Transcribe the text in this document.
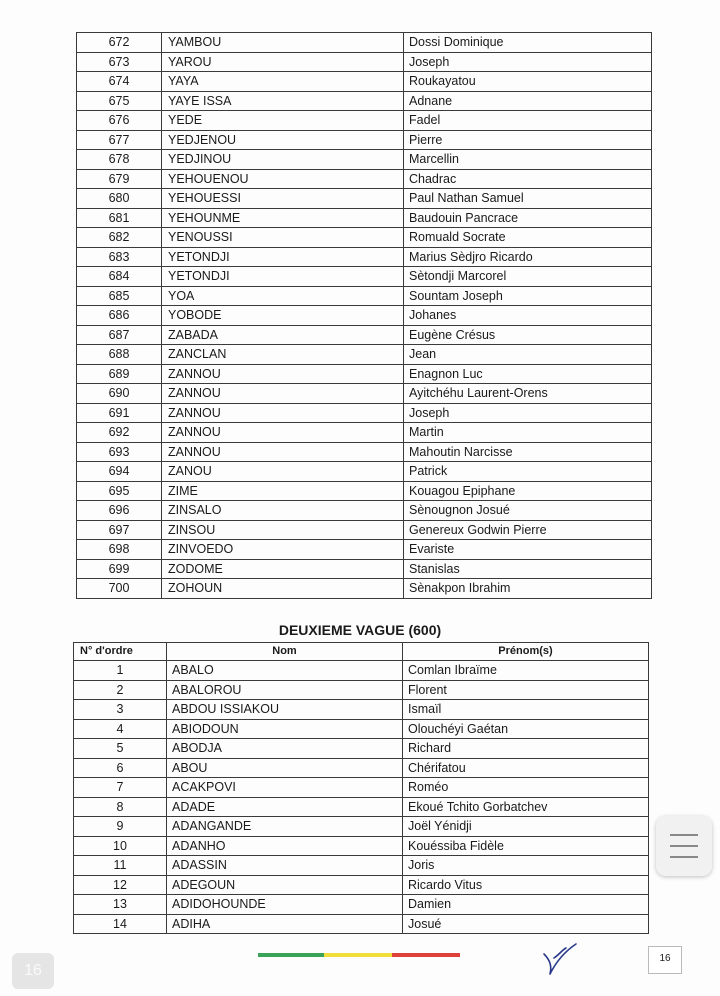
672	YAMBOU	Dossi Dominique
673	YAROU	Joseph
674	YAYA	Roukayatou
675	YAYE ISSA	Adnane
676	YEDE	Fadel
677	YEDJENOU	Pierre
678	YEDJINOU	Marcellin
679	YEHOUENOU	Chadrac
680	YEHOUESSI	Paul Nathan Samuel
681	YEHOUNME	Baudouin Pancrace
682	YENOUSSI	Romuald Socrate
683	YETONDJI	Marius Sèdjro Ricardo
684	YETONDJI	Sètondji Marcorel
685	YOA	Sountam Joseph
686	YOBODE	Johanes
687	ZABADA	Eugène Crésus
688	ZANCLAN	Jean
689	ZANNOU	Enagnon Luc
690	ZANNOU	Ayitchéhu Laurent-Orens
691	ZANNOU	Joseph
692	ZANNOU	Martin
693	ZANNOU	Mahoutin Narcisse
694	ZANOU	Patrick
695	ZIME	Kouagou Epiphane
696	ZINSALO	Sènougnon Josué
697	ZINSOU	Genereux Godwin Pierre
698	ZINVOEDO	Evariste
699	ZODOME	Stanislas
700	ZOHOUN	Sènakpon Ibrahim
DEUXIEME VAGUE (600)
N° d'ordre	Nom	Prénom(s)
1	ABALO	Comlan Ibraïme
2	ABALOROU	Florent
3	ABDOU ISSIAKOU	Ismaïl
4	ABIODOUN	Olouchéyi Gaétan
5	ABODJA	Richard
6	ABOU	Chérifatou
7	ACAKPOVI	Roméo
8	ADADE	Ekoué Tchito Gorbatchev
9	ADANGANDE	Joël Yénidji
10	ADANHO	Kouéssiba Fidèle
11	ADASSIN	Joris
12	ADEGOUN	Ricardo Vitus
13	ADIDOHOUNDE	Damien
14	ADIHA	Josué
16
16
